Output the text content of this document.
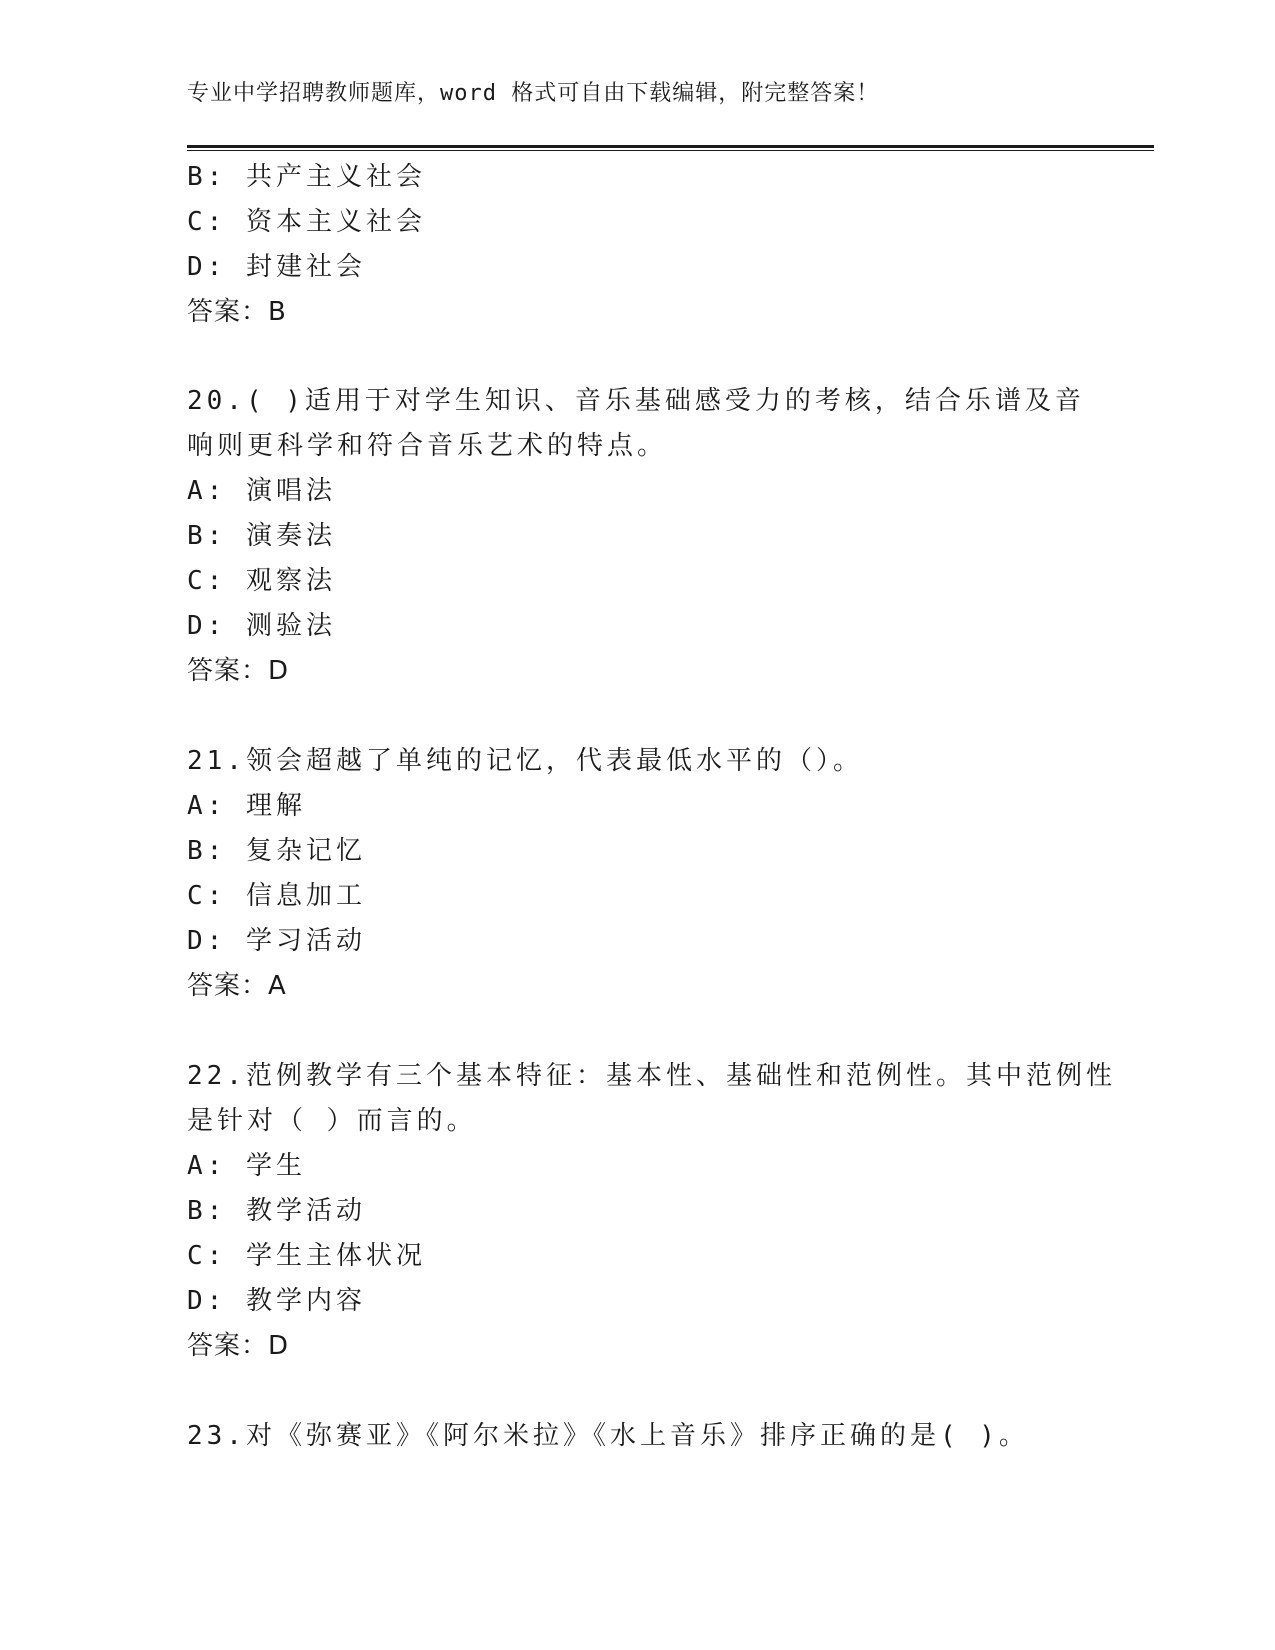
专业中学招聘教师题库，word 格式可自由下载编辑，附完整答案！
B: 共产主义社会
C: 资本主义社会
D: 封建社会
答案：B
20.( )适用于对学生知识、音乐基础感受力的考核，结合乐谱及音
响则更科学和符合音乐艺术的特点。
A: 演唱法
B: 演奏法
C: 观察法
D: 测验法
答案：D
21.领会超越了单纯的记忆，代表最低水平的（）。
A: 理解
B: 复杂记忆
C: 信息加工
D: 学习活动
答案：A
22.范例教学有三个基本特征：基本性、基础性和范例性。其中范例性
是针对（ ）而言的。
A: 学生
B: 教学活动
C: 学生主体状况
D: 教学内容
答案：D
23.对《弥赛亚》《阿尔米拉》《水上音乐》排序正确的是( )。
